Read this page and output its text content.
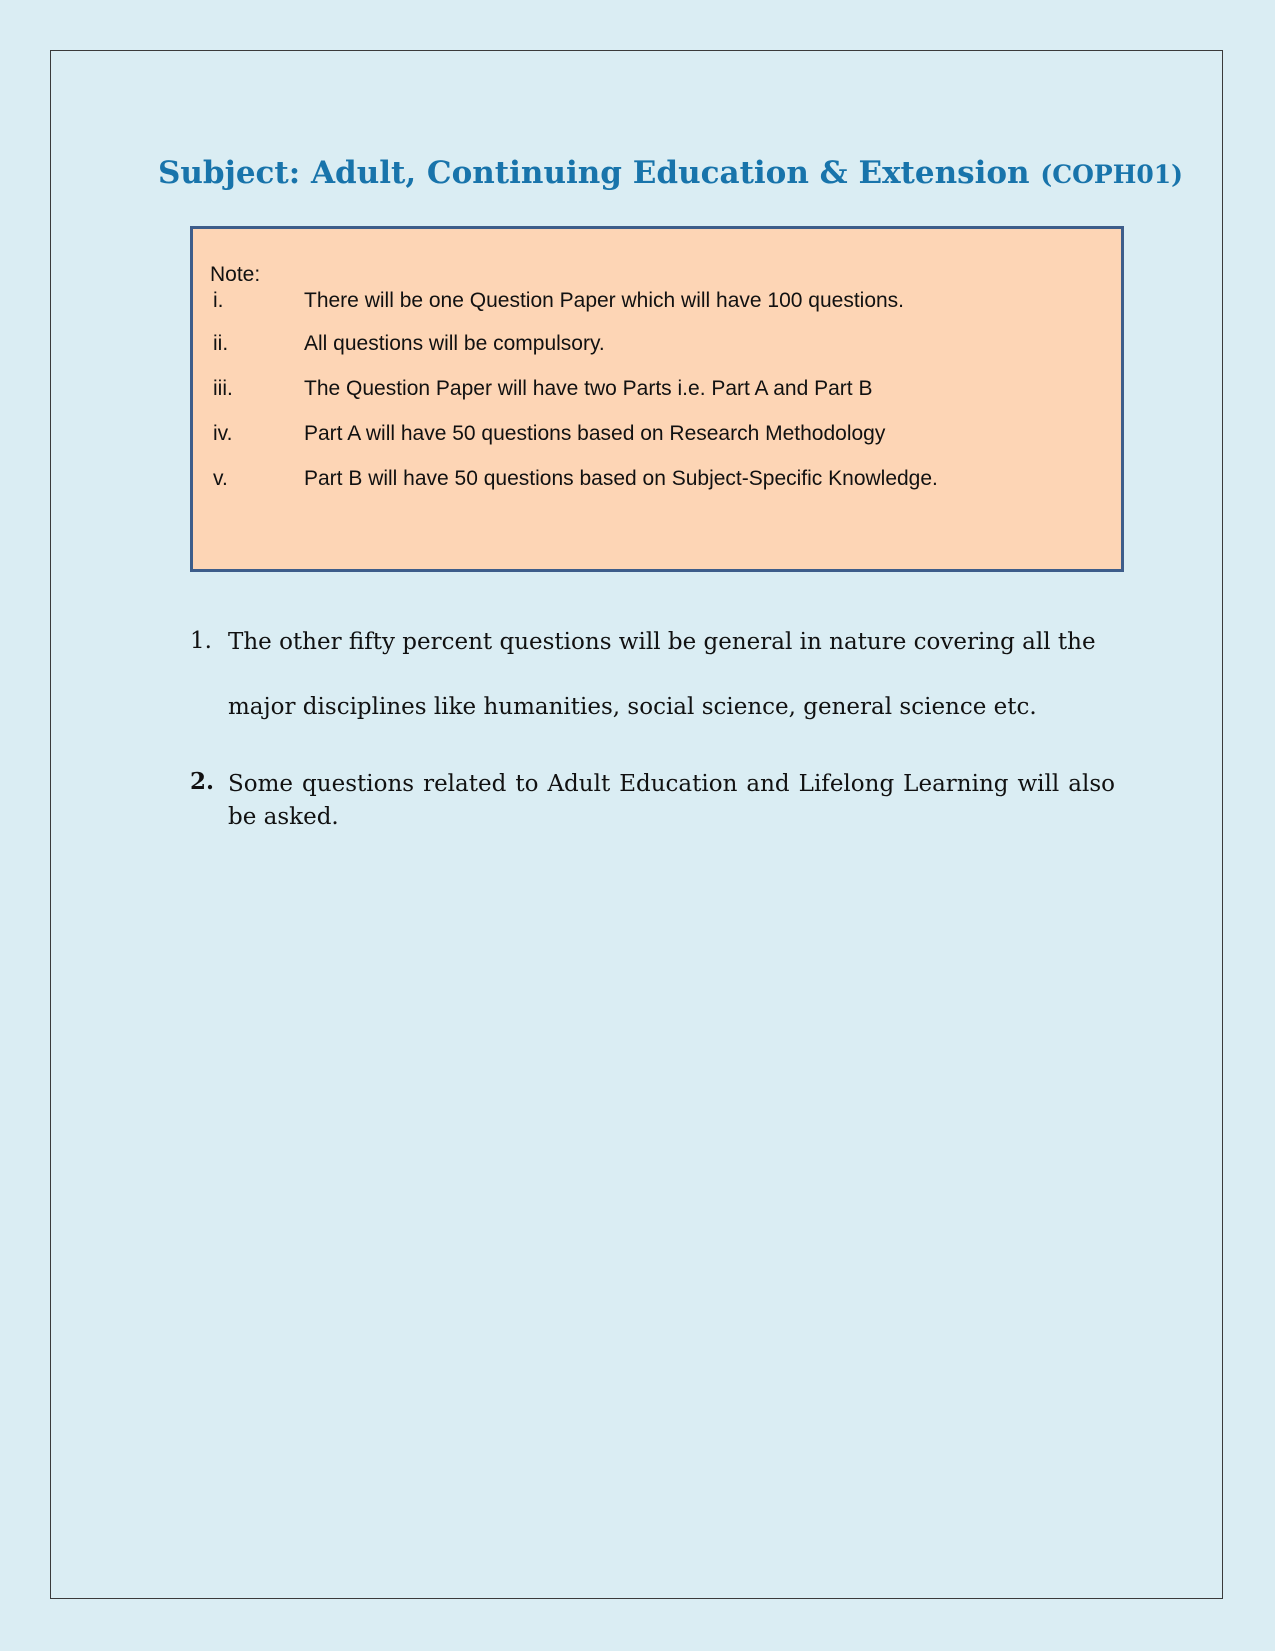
Subject: Adult, Continuing Education & Extension (COPH01)
Note:
i.	There will be one Question Paper which will have 100 questions.
ii.	All questions will be compulsory.
iii.	The Question Paper will have two Parts i.e. Part A and Part B
iv.	Part A will have 50 questions based on Research Methodology
v.	Part B will have 50 questions based on Subject-Specific Knowledge.
1. The other fifty percent questions will be general in nature covering all the major disciplines like humanities, social science, general science etc.
2. Some questions related to Adult Education and Lifelong Learning will also be asked.
